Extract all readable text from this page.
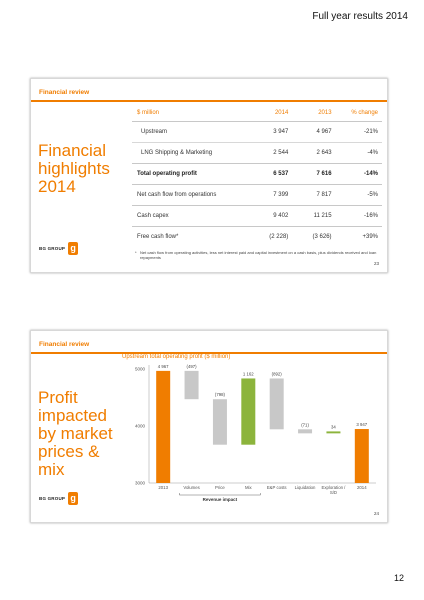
Full year results 2014
Financial review
Financial highlights 2014
$ million	2014	2013	% change
Upstream	3 947	4 967	-21%
LNG Shipping & Marketing	2 544	2 643	-4%
Total operating profit	6 537	7 616	-14%
Net cash flow from operations	7 399	7 817	-5%
Cash capex	9 402	11 215	-16%
Free cash flow*	(2 228)	(3 626)	+39%
* Net cash flow from operating activities, less net interest paid and capital investment on a cash basis, plus dividends received and loan repayments
BG GROUP g
23
Financial review
Profit impacted by market prices & mix
Upstream total operating profit ($ million)
3000
4000
5000
4 967
2013
(497)
Volumes
(798)
Price
1 162
Mix
(892)
E&P costs
(71)
Liquidation
34
Exploration /
S/D
3 947
2014
Revenue impact
BG GROUP g
24
12
